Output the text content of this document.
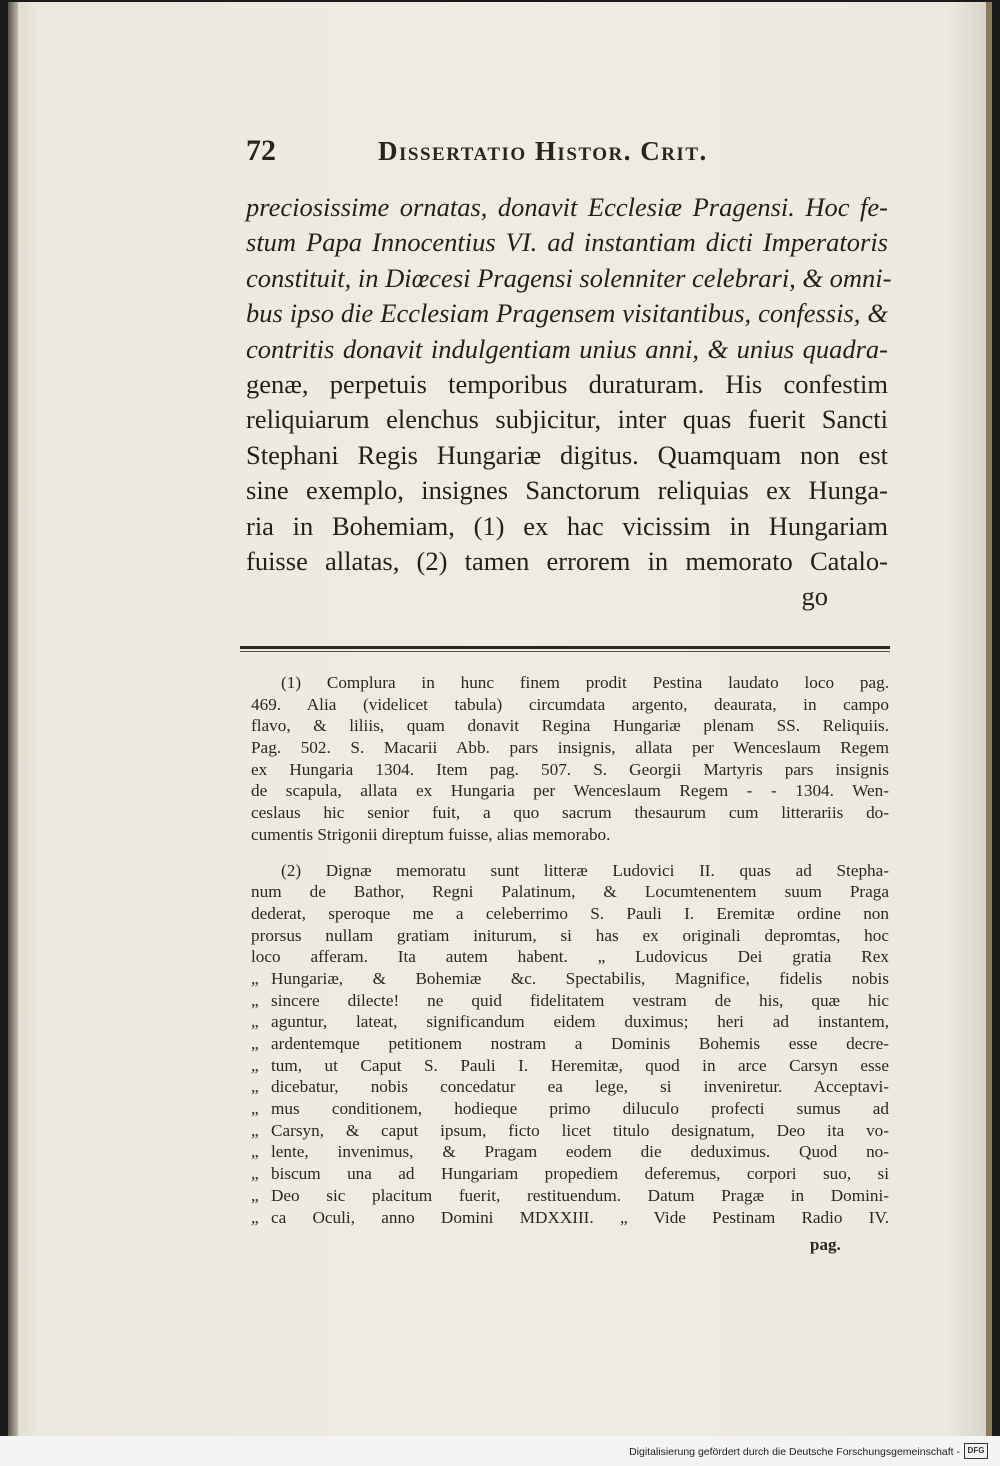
72	Dissertatio Histor. Crit.
preciosissime ornatas, donavit Ecclesiæ Pragensi. Hoc fe-
stum Papa Innocentius VI. ad instantiam dicti Imperatoris
constituit, in Diœcesi Pragensi solenniter celebrari, & omni-
bus ipso die Ecclesiam Pragensem visitantibus, confessis, &
contritis donavit indulgentiam unius anni, & unius quadra-
genæ, perpetuis temporibus duraturam. His confestim
reliquiarum elenchus subjicitur, inter quas fuerit Sancti
Stephani Regis Hungariæ digitus. Quamquam non est
sine exemplo, insignes Sanctorum reliquias ex Hunga-
ria in Bohemiam, (1) ex hac vicissim in Hungariam
fuisse allatas, (2) tamen errorem in memorato Catalo-
go
(1) Complura in hunc finem prodit Pestina laudato loco pag.
469. Alia (videlicet tabula) circumdata argento, deaurata, in campo
flavo, & liliis, quam donavit Regina Hungariæ plenam SS. Reliquiis.
Pag. 502. S. Macarii Abb. pars insignis, allata per Wenceslaum Regem
ex Hungaria 1304. Item pag. 507. S. Georgii Martyris pars insignis
de scapula, allata ex Hungaria per Wenceslaum Regem - - 1304. Wen-
ceslaus hic senior fuit, a quo sacrum thesaurum cum litterariis do-
cumentis Strigonii direptum fuisse, alias memorabo.
(2) Dignæ memoratu sunt litteræ Ludovici II. quas ad Stepha-
num de Bathor, Regni Palatinum, & Locumtenentem suum Praga
dederat, speroque me a celeberrimo S. Pauli I. Eremitæ ordine non
prorsus nullam gratiam initurum, si has ex originali depromtas, hoc
loco afferam. Ita autem habent. „ Ludovicus Dei gratia Rex
„ Hungariæ, & Bohemiæ &c. Spectabilis, Magnifice, fidelis nobis
„ sincere dilecte! ne quid fidelitatem vestram de his, quæ hic
„ aguntur, lateat, significandum eidem duximus; heri ad instantem,
„ ardentemque petitionem nostram a Dominis Bohemis esse decre-
„ tum, ut Caput S. Pauli I. Heremitæ, quod in arce Carsyn esse
„ dicebatur, nobis concedatur ea lege, si inveniretur. Acceptavi-
„ mus conditionem, hodieque primo diluculo profecti sumus ad
„ Carsyn, & caput ipsum, ficto licet titulo designatum, Deo ita vo-
„ lente, invenimus, & Pragam eodem die deduximus. Quod no-
„ biscum una ad Hungariam propediem deferemus, corpori suo, si
„ Deo sic placitum fuerit, restituendum. Datum Pragæ in Domini-
„ ca Oculi, anno Domini MDXXIII. „ Vide Pestinam Radio IV.
pag.
Digitalisierung gefördert durch die Deutsche Forschungsgemeinschaft - DFG
